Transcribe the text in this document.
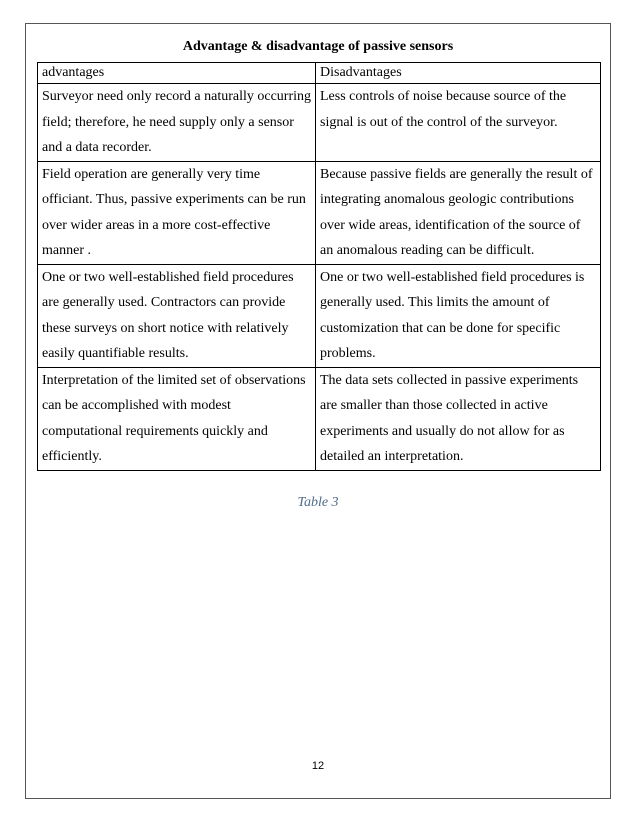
Advantage & disadvantage of passive sensors
advantages	Disadvantages
Surveyor need only record a naturally occurring field; therefore, he need supply only a sensor and a data recorder.	Less controls of noise because source of the signal is out of the control of the surveyor.
Field operation are generally very time officiant. Thus, passive experiments can be run over wider areas in a more cost-effective manner .	Because passive fields are generally the result of integrating anomalous geologic contributions over wide areas, identification of the source of an anomalous reading can be difficult.
One or two well-established field procedures are generally used. Contractors can provide these surveys on short notice with relatively easily quantifiable results.	One or two well-established field procedures is generally used. This limits the amount of customization that can be done for specific problems.
Interpretation of the limited set of observations can be accomplished with modest computational requirements quickly and efficiently.	The data sets collected in passive experiments are smaller than those collected in active experiments and usually do not allow for as detailed an interpretation.
Table 3
12
